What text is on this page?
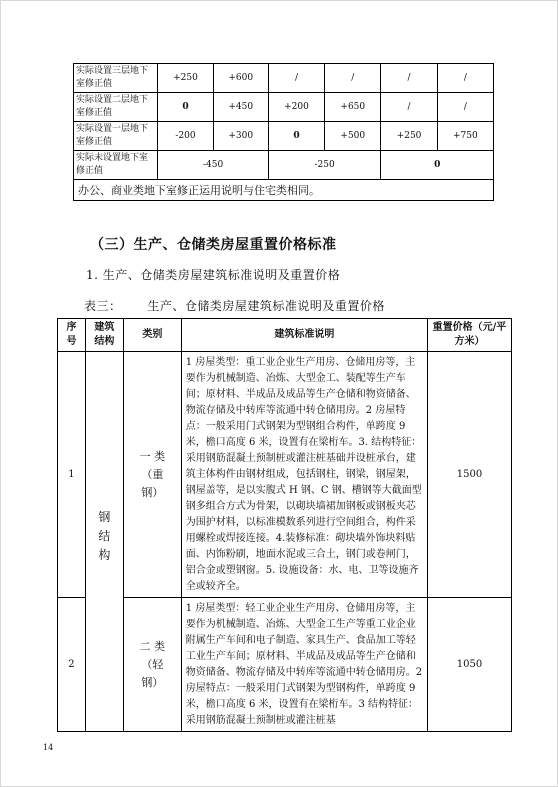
实际设置三层地下室修正值	+250	+600	/	/	/	/
实际设置二层地下室修正值	0	+450	+200	+650	/	/
实际设置一层地下室修正值	-200	+300	0	+500	+250	+750
实际未设置地下室修正值	-450		-250		0	
办公、商业类地下室修正运用说明与住宅类相同。						
（三）生产、仓储类房屋重置价格标准
1. 生产、仓储类房屋建筑标准说明及重置价格
表三：      生产、仓储类房屋建筑标准说明及重置价格
序号	建筑结构	类别	建筑标准说明	重置价格（元/平方米）
1	钢结构	一 类（重钢）	1 房屋类型：重工业企业生产用房、仓储用房等，主要作为机械制造、冶炼、大型金工、装配等生产车间；原材料、半成品及成品等生产仓储和物资储备、物流存储及中转库等流通中转仓储用房。2 房屋特点：一般采用门式钢架为型钢组合构件，单跨度 9 米，檐口高度 6 米，设置有在梁桁车。3. 结构特征：采用钢筋混凝土预制桩或灌注桩基础并设桩承台，建筑主体构件由钢材组成，包括钢柱，钢梁，钢屋架，钢屋盖等，是以实腹式 H 钢、C 钢、槽钢等大截面型钢多组合方式为骨架，以砌块墙裙加钢板或钢板夹芯为围护材料，以标准模数系列进行空间组合，构件采用螺栓或焊接连接。4.装修标准：砌块墙外饰块料贴面、内饰粉刷，地面水泥或三合土，钢门或卷闸门，铝合金或塑钢窗。5. 设施设备：水、电、卫等设施齐全或较齐全。	1500
2		二 类（轻钢）	1 房屋类型：轻工业企业生产用房、仓储用房等，主要作为机械制造、冶炼、大型金工生产等重工业企业附属生产车间和电子制造、家具生产、食品加工等轻工业生产车间；原材料、半成品及成品等生产仓储和物资储备、物流存储及中转库等流通中转仓储用房。2 房屋特点：一般采用门式钢架为型钢构件，单跨度 9 米，檐口高度 6 米，设置有在梁桁车。3 结构特征：采用钢筋混凝土预制桩或灌注桩基	1050
14
